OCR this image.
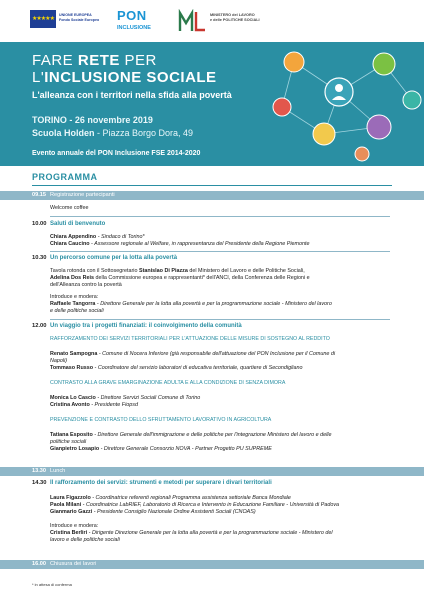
★★★★★
UNIONE EUROPEA
Fondo Sociale Europeo PON
INCLUSIONE
MINISTERO del LAVORO
e delle POLITICHE SOCIALI
FARE RETE PER
L'INCLUSIONE SOCIALE
L'alleanza con i territori nella sfida alla povertà
TORINO - 26 novembre 2019
Scuola Holden - Piazza Borgo Dora, 49
Evento annuale del PON Inclusione FSE 2014-2020
PROGRAMMA
09.15 Registrazione partecipanti
Welcome coffee
10.00 Saluti di benvenuto
Chiara Appendino - Sindaco di Torino*
Chiara Caucino - Assessore regionale al Welfare, in rappresentanza del Presidente della Regione Piemonte
10.30 Un percorso comune per la lotta alla povertà
Tavola rotonda con il Sottosegretario Stanislao Di Piazza del Ministero del Lavoro e delle Politiche Sociali,
Adelina Dos Reis della Commissione europea e rappresentanti* dell'ANCI, della Conferenza delle Regioni e
dell'Alleanza contro la povertà
Introduce e modera:
Raffaele Tangorra - Direttore Generale per la lotta alla povertà e per la programmazione sociale - Ministero del lavoro
e delle politiche sociali
12.00 Un viaggio tra i progetti finanziati: il coinvolgimento della comunità
RAFFORZAMENTO DEI SERVIZI TERRITORIALI PER L'ATTUAZIONE DELLE MISURE DI SOSTEGNO AL REDDITO
Renato Sampogna - Comune di Nocera Inferiore (già responsabile dell'attuazione del PON Inclusione per il Comune di
Napoli)
Tommaso Russo - Coordinatore del servizio laboratori di educativa territoriale, quartiere di Secondigliano
CONTRASTO ALLA GRAVE EMARGINAZIONE ADULTA E ALLA CONDIZIONE DI SENZA DIMORA
Monica Lo Cascio - Direttore Servizi Sociali Comune di Torino
Cristina Avonto - Presidente Fiopsd
PREVENZIONE E CONTRASTO DELLO SFRUTTAMENTO LAVORATIVO IN AGRICOLTURA
Tatiana Esposito - Direttore Generale dell'immigrazione e delle politiche per l'integrazione Ministero del lavoro e delle
politiche sociali
Gianpietro Losapio - Direttore Generale Consorzio NOVA - Partner Progetto PU SUPREME
13.30 Lunch
14.30 Il rafforzamento dei servizi: strumenti e metodi per superare i divari territoriali
Laura Figazzolo - Coordinatrice referenti regionali Programma assistenza settoriale Banca Mondiale
Paola Milani - Coordinatrice LabRIEF, Laboratorio di Ricerca e Intervento in Educazione Familiare - Università di Padova
Gianmario Gazzi - Presidente Consiglio Nazionale Ordine Assistenti Sociali (CNOAS)
Introduce e modera:
Cristina Berliri - Dirigente Direzione Generale per la lotta alla povertà e per la programmazione sociale - Ministero del
lavoro e delle politiche sociali
16.00 Chiusura dei lavori
* in attesa di conferma
